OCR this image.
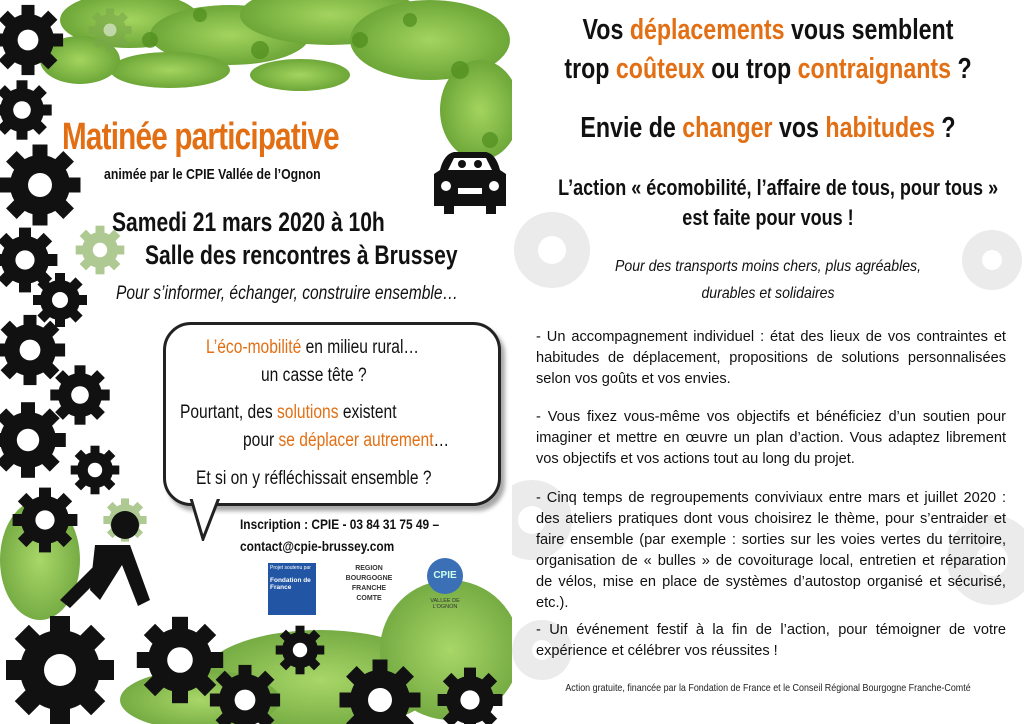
Matinée participative
animée par le CPIE Vallée de l’Ognon
Samedi 21 mars 2020 à 10h
Salle des rencontres à Brussey
Pour s’informer, échanger, construire ensemble…
L’éco-mobilité en milieu rural…
un casse tête ?
Pourtant, des solutions existent
pour se déplacer autrement…
Et si on y réfléchissait ensemble ?
Inscription : CPIE - 03 84 31 75 49 –
contact@cpie-brussey.com
Projet soutenu par
Fondation de France
REGION
BOURGOGNE
FRANCHE
COMTE
CPIE
VALLEE DE L’OGNON
Vos déplacements vous semblent
trop coûteux ou trop contraignants ?
Envie de changer vos habitudes ?
L’action « écomobilité, l’affaire de tous, pour tous »
est faite pour vous !
Pour des transports moins chers, plus agréables,
durables et solidaires
- Un accompagnement individuel : état des lieux de vos contraintes et habitudes de déplacement, propositions de solutions personnalisées selon vos goûts et vos envies.
- Vous fixez vous-même vos objectifs et bénéficiez d’un soutien pour imaginer et mettre en œuvre un plan d’action. Vous adaptez librement vos objectifs et vos actions tout au long du projet.
- Cinq temps de regroupements conviviaux entre mars et juillet 2020 : des ateliers pratiques dont vous choisirez le thème, pour s’entraider et faire ensemble (par exemple : sorties sur les voies vertes du territoire, organisation de « bulles » de covoiturage local, entretien et réparation de vélos, mise en place de systèmes d’autostop organisé et sécurisé, etc.).
- Un événement festif à la fin de l’action, pour témoigner de votre expérience et célébrer vos réussites !
Action gratuite, financée par la Fondation de France et le Conseil Régional Bourgogne Franche-Comté
